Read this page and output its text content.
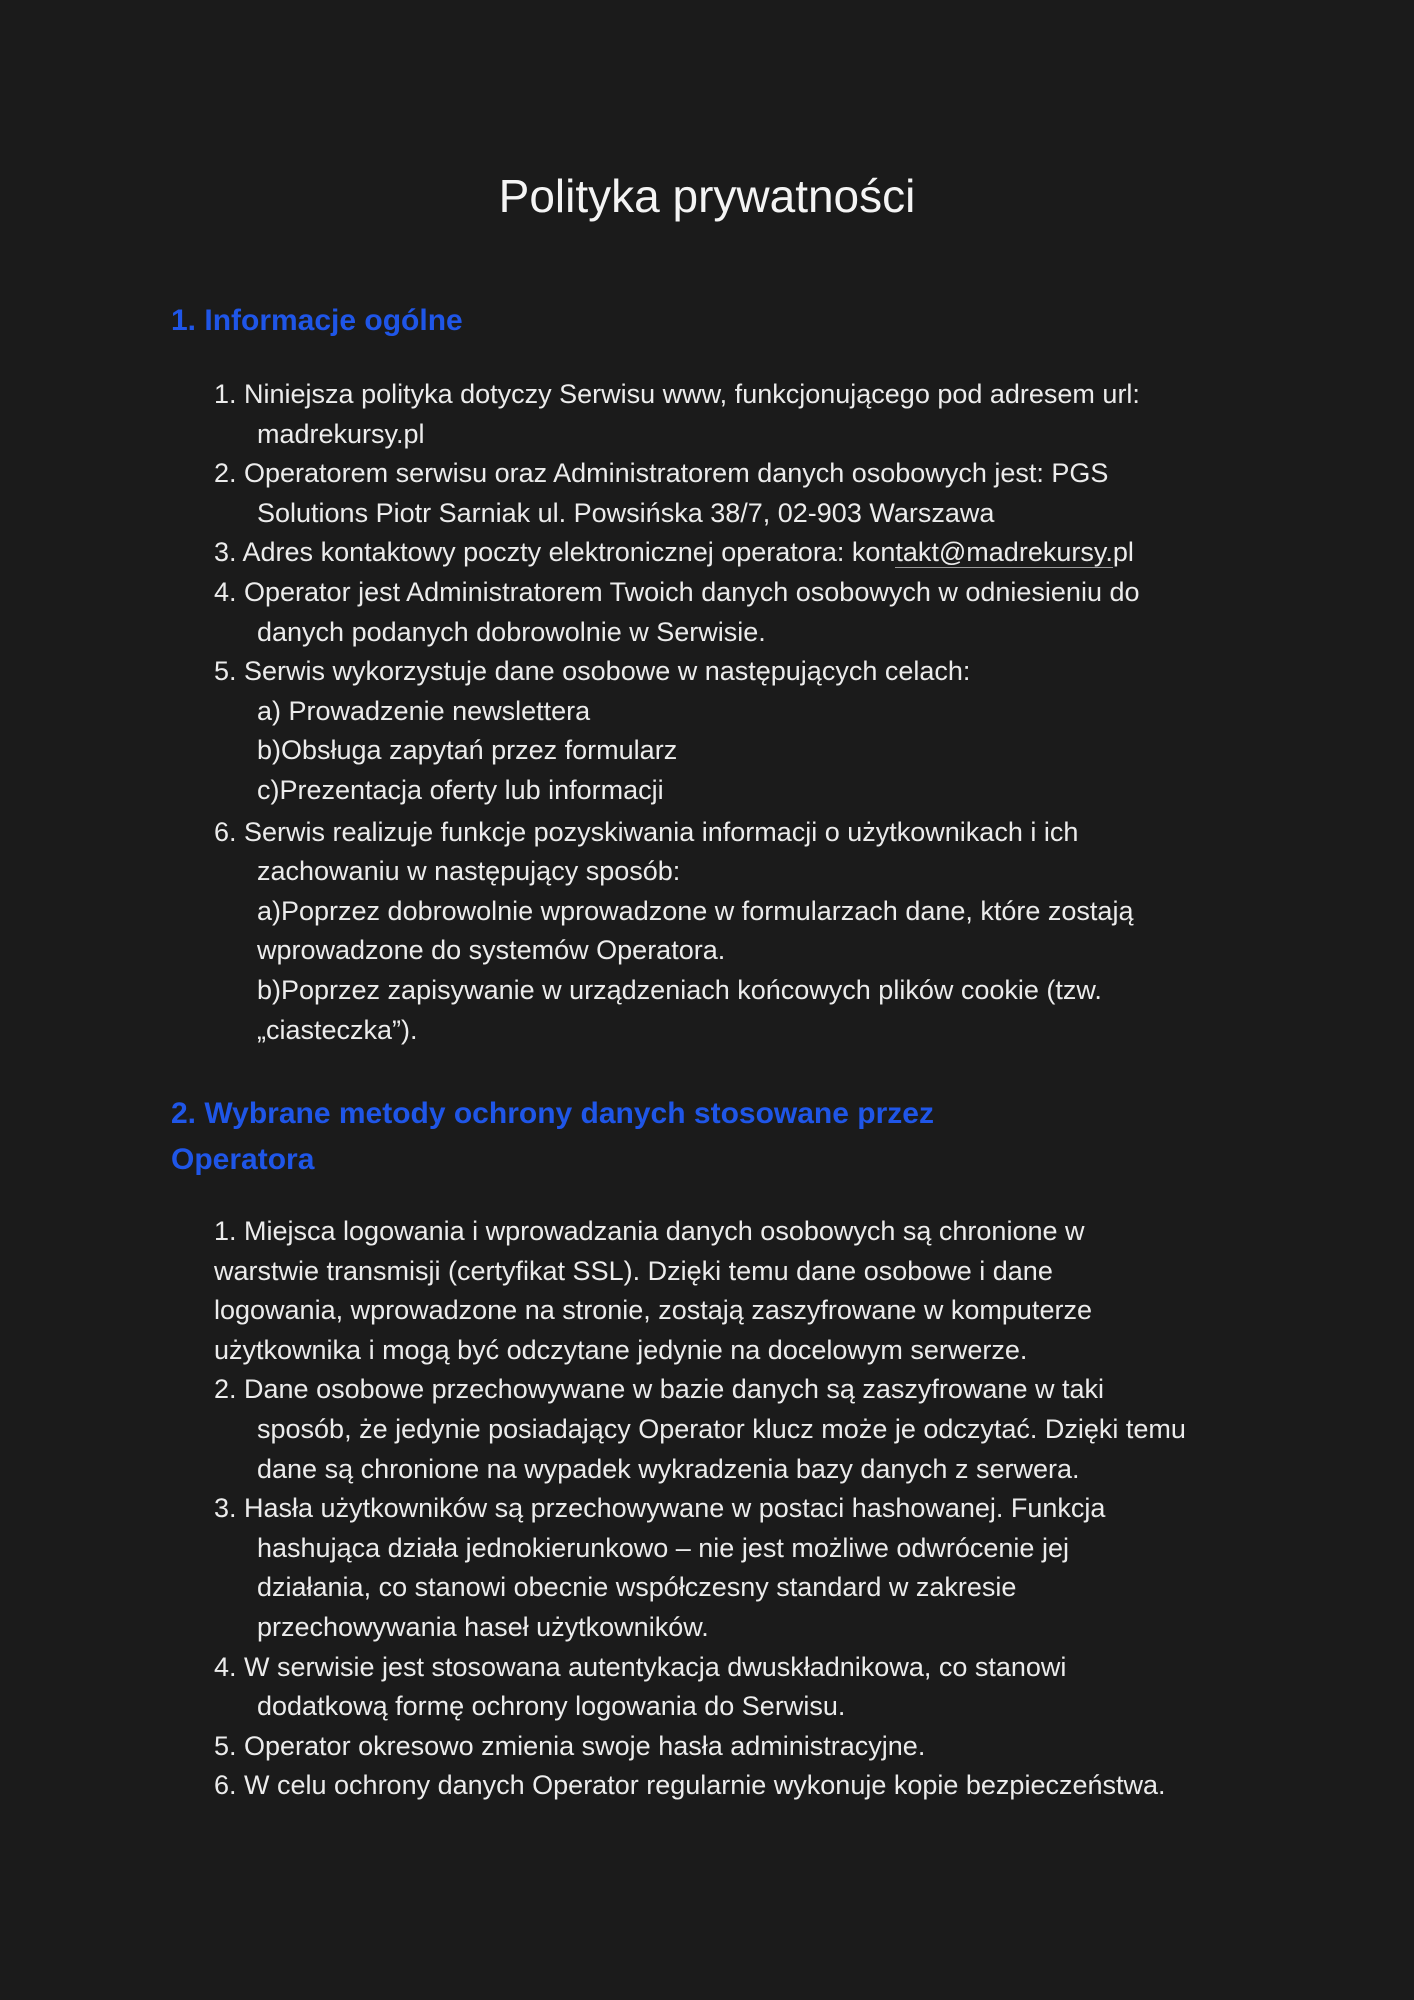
Polityka prywatności
1. Informacje ogólne
1. Niniejsza polityka dotyczy Serwisu www, funkcjonującego pod adresem url:
madrekursy.pl
2. Operatorem serwisu oraz Administratorem danych osobowych jest: PGS
Solutions Piotr Sarniak ul. Powsińska 38/7, 02-903 Warszawa
3. Adres kontaktowy poczty elektronicznej operatora: kontakt@madrekursy.pl
4. Operator jest Administratorem Twoich danych osobowych w odniesieniu do
danych podanych dobrowolnie w Serwisie.
5. Serwis wykorzystuje dane osobowe w następujących celach:
a) Prowadzenie newslettera
b)Obsługa zapytań przez formularz
c)Prezentacja oferty lub informacji
6. Serwis realizuje funkcje pozyskiwania informacji o użytkownikach i ich
zachowaniu w następujący sposób:
a)Poprzez dobrowolnie wprowadzone w formularzach dane, które zostają
wprowadzone do systemów Operatora.
b)Poprzez zapisywanie w urządzeniach końcowych plików cookie (tzw.
„ciasteczka”).
2. Wybrane metody ochrony danych stosowane przez
Operatora
1. Miejsca logowania i wprowadzania danych osobowych są chronione w
warstwie transmisji (certyfikat SSL). Dzięki temu dane osobowe i dane
logowania, wprowadzone na stronie, zostają zaszyfrowane w komputerze
użytkownika i mogą być odczytane jedynie na docelowym serwerze.
2. Dane osobowe przechowywane w bazie danych są zaszyfrowane w taki
sposób, że jedynie posiadający Operator klucz może je odczytać. Dzięki temu
dane są chronione na wypadek wykradzenia bazy danych z serwera.
3. Hasła użytkowników są przechowywane w postaci hashowanej. Funkcja
hashująca działa jednokierunkowo – nie jest możliwe odwrócenie jej
działania, co stanowi obecnie współczesny standard w zakresie
przechowywania haseł użytkowników.
4. W serwisie jest stosowana autentykacja dwuskładnikowa, co stanowi
dodatkową formę ochrony logowania do Serwisu.
5. Operator okresowo zmienia swoje hasła administracyjne.
6. W celu ochrony danych Operator regularnie wykonuje kopie bezpieczeństwa.
